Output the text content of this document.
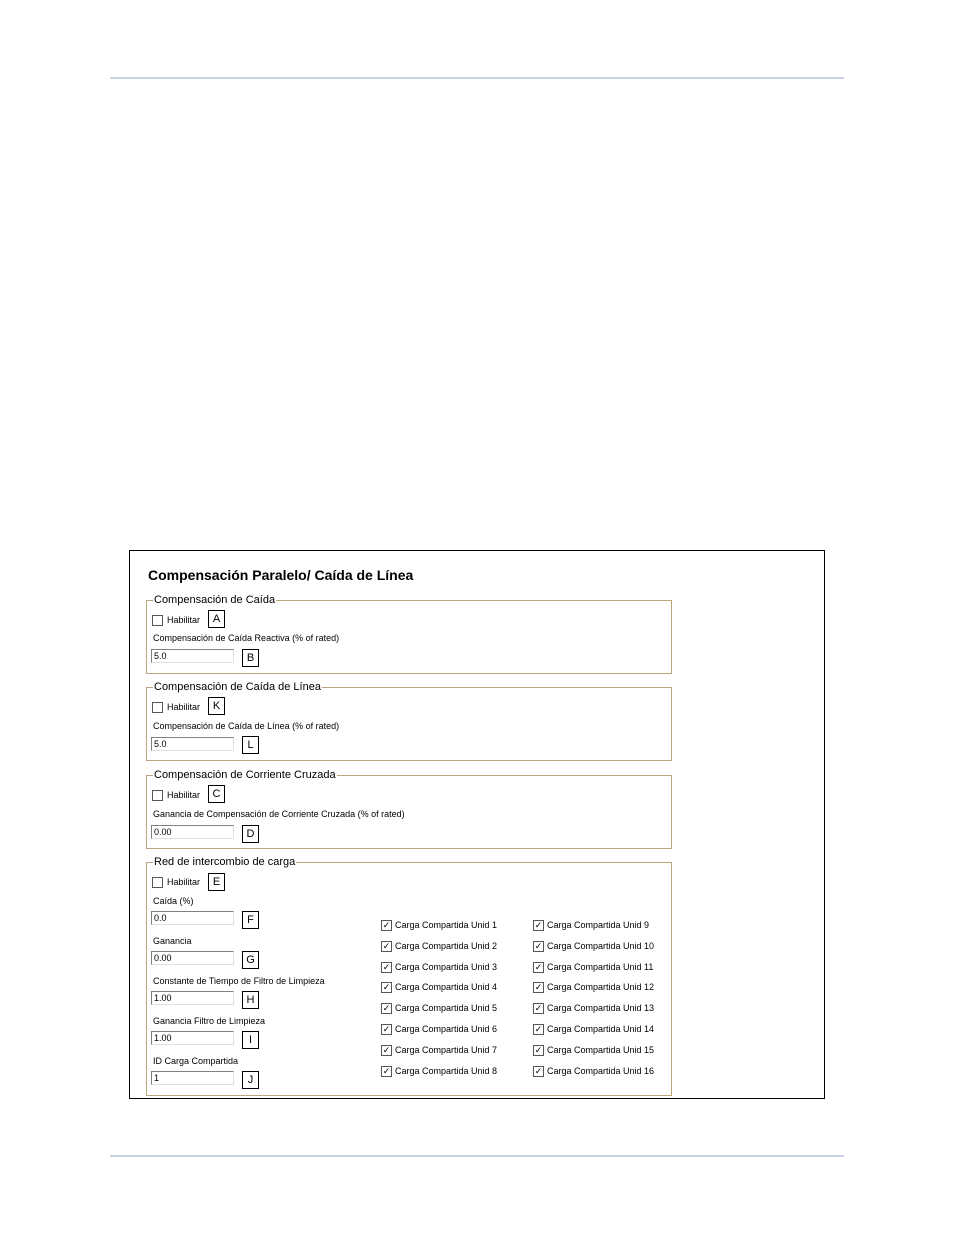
Compensación Paralelo/ Caída de Línea
Compensación de Caída
Habilitar	A
Compensación de Caída Reactiva (% of rated)
5.0	B
Compensación de Caída de Línea
Habilitar	K
Compensación de Caída de Línea (% of rated)
5.0	L
Compensación de Corriente Cruzada
Habilitar	C
Ganancia de Compensación de Corriente Cruzada (% of rated)
0.00	D
Red de intercombio de carga
Habilitar	E
Caída (%)
0.0	F
Ganancia
0.00	G
Constante de Tiempo de Filtro de Limpieza
1.00	H
Ganancia Filtro de Limpieza
1.00	I
ID Carga Compartida
1	J
✓ Carga Compartida Unid 1
✓ Carga Compartida Unid 2
✓ Carga Compartida Unid 3
✓ Carga Compartida Unid 4
✓ Carga Compartida Unid 5
✓ Carga Compartida Unid 6
✓ Carga Compartida Unid 7
✓ Carga Compartida Unid 8
✓ Carga Compartida Unid 9
✓ Carga Compartida Unid 10
✓ Carga Compartida Unid 11
✓ Carga Compartida Unid 12
✓ Carga Compartida Unid 13
✓ Carga Compartida Unid 14
✓ Carga Compartida Unid 15
✓ Carga Compartida Unid 16
